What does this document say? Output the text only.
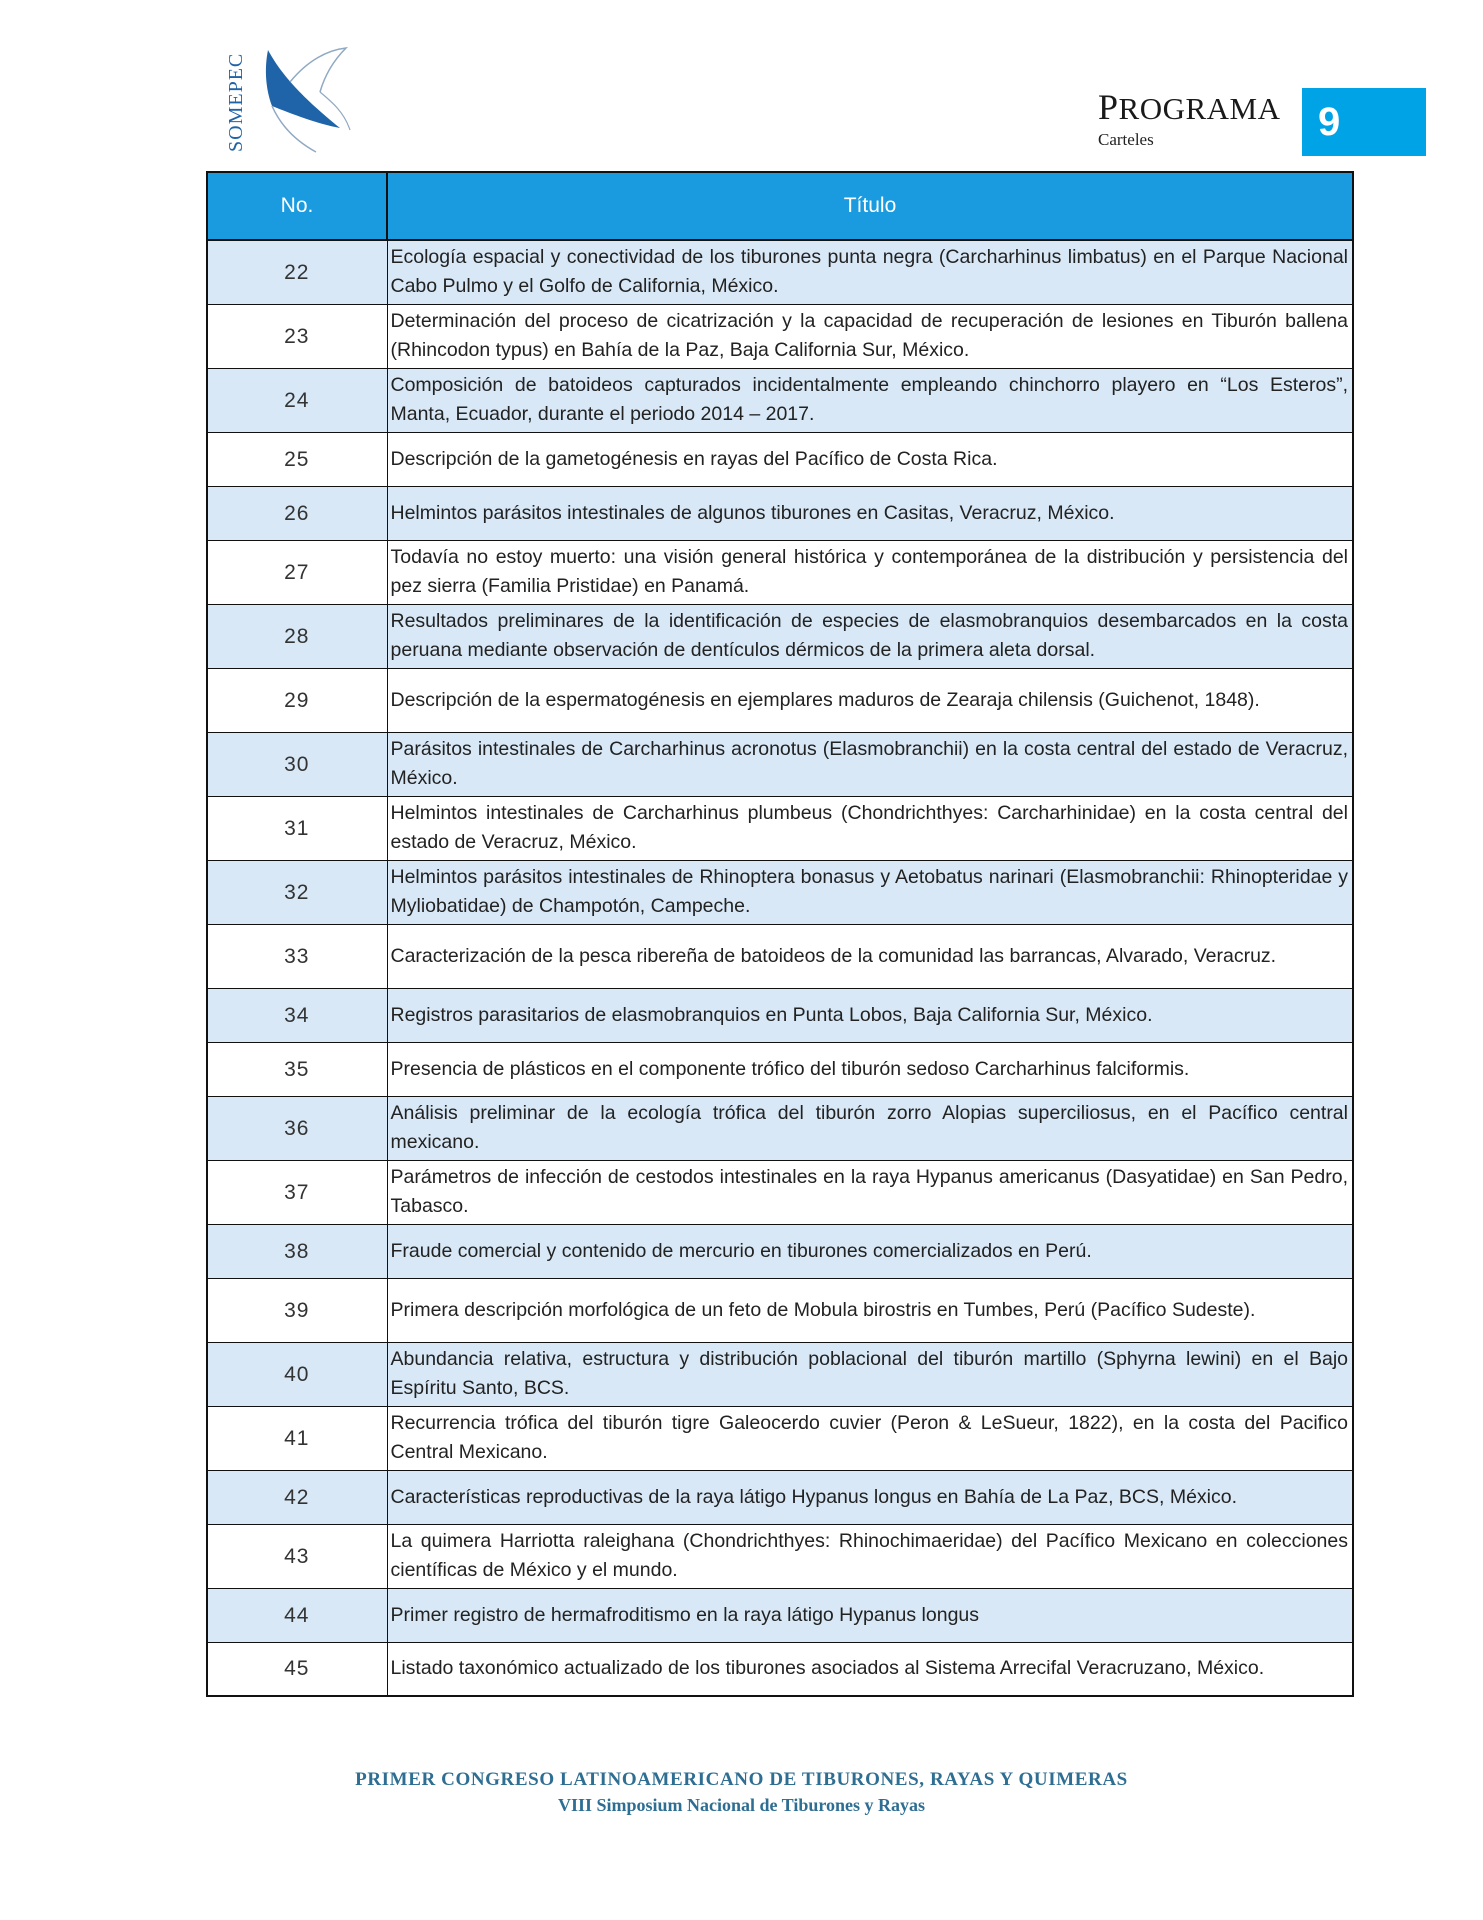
SOMEPEC	PROGRAMA
Carteles	9
No.	Título
22	Ecología espacial y conectividad de los tiburones punta negra (Carcharhinus limbatus) en el Parque Nacional Cabo Pulmo y el Golfo de California, México.
23	Determinación del proceso de cicatrización y la capacidad de recuperación de lesiones en Tiburón ballena (Rhincodon typus) en Bahía de la Paz, Baja California Sur, México.
24	Composición de batoideos capturados incidentalmente empleando chinchorro playero en “Los Esteros”, Manta, Ecuador, durante el periodo 2014 – 2017.
25	Descripción de la gametogénesis en rayas del Pacífico de Costa Rica.
26	Helmintos parásitos intestinales de algunos tiburones en Casitas, Veracruz, México.
27	Todavía no estoy muerto: una visión general histórica y contemporánea de la distribución y persistencia del pez sierra (Familia Pristidae) en Panamá.
28	Resultados preliminares de la identificación de especies de elasmobranquios desembarcados en la costa peruana mediante observación de dentículos dérmicos de la primera aleta dorsal.
29	Descripción de la espermatogénesis en ejemplares maduros de Zearaja chilensis (Guichenot, 1848).
30	Parásitos intestinales de Carcharhinus acronotus (Elasmobranchii) en la costa central del estado de Veracruz, México.
31	Helmintos intestinales de Carcharhinus plumbeus (Chondrichthyes: Carcharhinidae) en la costa central del estado de Veracruz, México.
32	Helmintos parásitos intestinales de Rhinoptera bonasus y Aetobatus narinari (Elasmobranchii: Rhinopteridae y Myliobatidae) de Champotón, Campeche.
33	Caracterización de la pesca ribereña de batoideos de la comunidad las barrancas, Alvarado, Veracruz.
34	Registros parasitarios de elasmobranquios en Punta Lobos, Baja California Sur, México.
35	Presencia de plásticos en el componente trófico del tiburón sedoso Carcharhinus falciformis.
36	Análisis preliminar de la ecología trófica del tiburón zorro Alopias superciliosus, en el Pacífico central mexicano.
37	Parámetros de infección de cestodos intestinales en la raya Hypanus americanus (Dasyatidae) en San Pedro, Tabasco.
38	Fraude comercial y contenido de mercurio en tiburones comercializados en Perú.
39	Primera descripción morfológica de un feto de Mobula birostris en Tumbes, Perú (Pacífico Sudeste).
40	Abundancia relativa, estructura y distribución poblacional del tiburón martillo (Sphyrna lewini) en el Bajo Espíritu Santo, BCS.
41	Recurrencia trófica del tiburón tigre Galeocerdo cuvier (Peron & LeSueur, 1822), en la costa del Pacifico Central Mexicano.
42	Características reproductivas de la raya látigo Hypanus longus en Bahía de La Paz, BCS, México.
43	La quimera Harriotta raleighana (Chondrichthyes: Rhinochimaeridae) del Pacífico Mexicano en colecciones científicas de México y el mundo.
44	Primer registro de hermafroditismo en la raya látigo Hypanus longus
45	Listado taxonómico actualizado de los tiburones asociados al Sistema Arrecifal Veracruzano, México.
PRIMER CONGRESO LATINOAMERICANO DE TIBURONES, RAYAS Y QUIMERAS
VIII Simposium Nacional de Tiburones y Rayas
